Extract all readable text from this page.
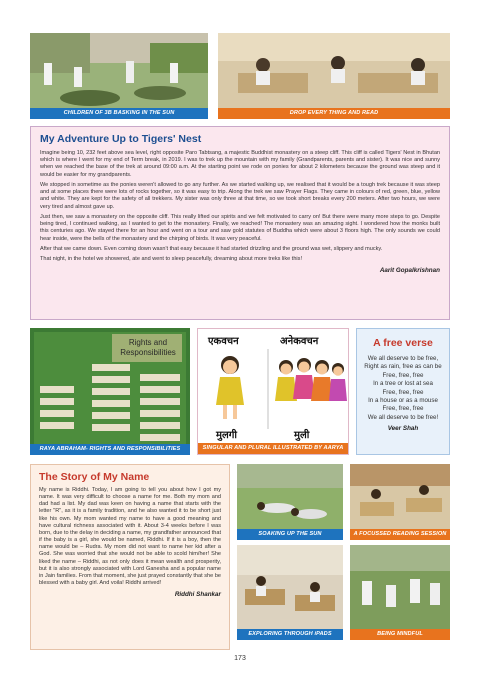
CHILDREN OF 3B BASKING IN THE SUN	DROP EVERY THING AND READ
My Adventure Up to Tigers' Nest

Imagine being 10, 232 feet above sea level, right opposite Paro Tabtsang, a majestic Buddhist monastery on a steep cliff. This cliff is called Tigers' Nest in Bhutan which is where I went for my end of Term break, in 2019. I was to trek up the mountain with my family (Grandparents, parents and sister). It was nice and sunny when we reached the base of the trek at around 09:00 a.m. At the starting point we rode on ponies for about 2 kilometers because the ground was steep and it would be easier for my grandparents.

We stopped in sometime as the ponies weren't allowed to go any further. As we started walking up, we realised that it would be a tough trek because it was steep and at some places there were lots of rocks together, so it was easy to trip. Along the trek we saw Prayer Flags. They came in colours of red, green, blue, yellow and white. They are kept for the safety of all trekkers. My sister was only three at that time, so we took short breaks every 200 meters. After two hours, we were very tired and almost gave up.

Just then, we saw a monastery on the opposite cliff. This really lifted our spirits and we felt motivated to carry on! But there were many more steps to go. Despite being tired, I continued walking, as I wanted to get to the monastery. Finally, we reached! The monastery was an amazing sight. I wondered how the monks built this centuries ago. We stayed there for an hour and went on a tour and saw gold statutes of Buddha which were about 3 floors high. The only sounds we could hear inside, were the bells of the monastery and the chirping of birds. It was very peaceful.

After that we came down. Even coming down wasn't that easy because it had started drizzling and the ground was wet, slippery and mucky.

That night, in the hotel we showered, ate and went to sleep peacefully, dreaming about more treks like this!

Aarit Gopalkrishnan
Rights and
Responsibilities
RAYA ABRAHAM- RIGHTS AND RESPONSIBILITIES
एकवचन	अनेकवचन
मुलगी	मुली
SINGULAR AND PLURAL ILLUSTRATED BY AARYA
A free verse

We all deserve to be free,

Right as rain, free as can be

Free, free, free

In a tree or lost at sea

Free, free, free

In a house or as a mouse

Free, free, free

We all deserve to be free!

Veer Shah
The Story of My Name

My name is Riddhi. Today, I am going to tell you about how I got my name. It was very difficult to choose a name for me. Both my mom and dad had a list. My dad was keen on having a name that starts with the letter "R", as it is a family tradition, and he also wanted it to be short just like his own. My mom wanted my name to have a good meaning and have cultural richness associated with it. About 3-4 weeks before I was born, due to the delay in deciding a name, my grandfather announced that if the baby is a girl, she would be named, Riddhi. If it is a boy, then the name would be – Rudra. My mom did not want to name her kid after a God. She was worried that she would not be able to scold him/her! She liked the name – Riddhi, as not only does it mean wealth and prosperity, but it is also strongly associated with Lord Ganesha and a popular name in Jain families. From that moment, she just prayed constantly that she be blessed with a baby girl. And voila! Riddhi arrived!

Riddhi Shankar
SOAKING UP THE SUN	A FOCUSSED READING SESSION
EXPLORING THROUGH iPADS	BEING MINDFUL
173
